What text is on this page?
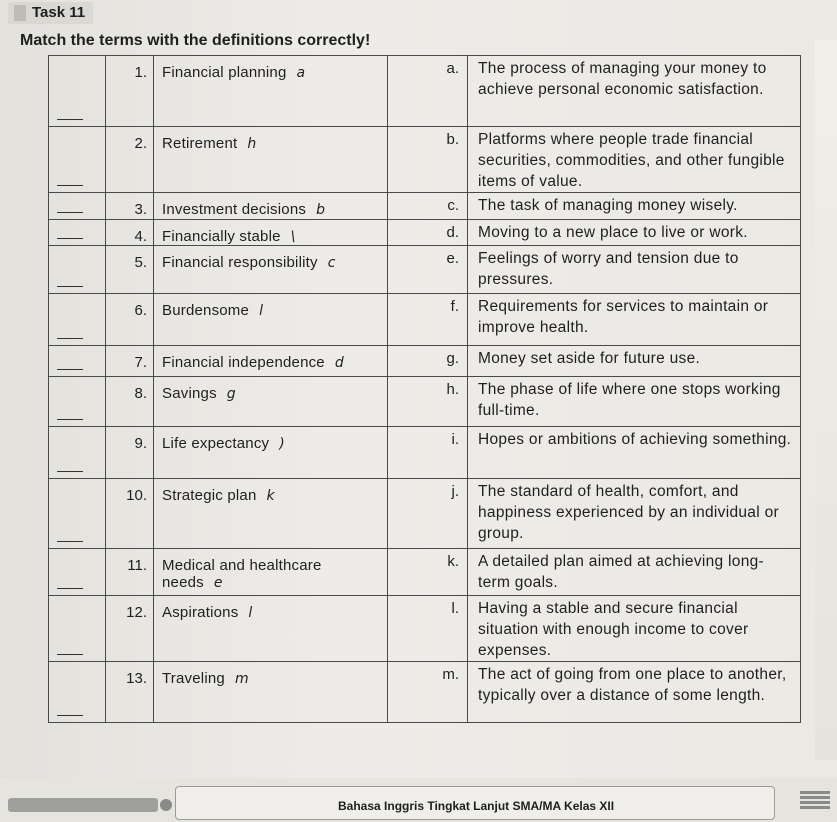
Task 11
Match the terms with the definitions correctly!
	1.	Financial planning a	a.	The process of managing your money to achieve personal economic satisfaction.

	2.	Retirement h	b.	Platforms where people trade financial securities, commodities, and other fungible items of value.

	3.	Investment decisions b	c.	The task of managing money wisely.

	4.	Financially stable \	d.	Moving to a new place to live or work.

	5.	Financial responsibility c	e.	Feelings of worry and tension due to pressures.

	6.	Burdensome l	f.	Requirements for services to maintain or improve health.

	7.	Financial independence d	g.	Money set aside for future use.

	8.	Savings g	h.	The phase of life where one stops working full-time.

	9.	Life expectancy )	i.	Hopes or ambitions of achieving something.

	10.	Strategic plan k	j.	The standard of health, comfort, and happiness experienced by an individual or group.

	11.	Medical and healthcare needs e	k.	A detailed plan aimed at achieving long-term goals.

	12.	Aspirations l	l.	Having a stable and secure financial situation with enough income to cover expenses.

	13.	Traveling m	m.	The act of going from one place to another, typically over a distance of some length.
Bahasa Inggris Tingkat Lanjut SMA/MA Kelas XII
